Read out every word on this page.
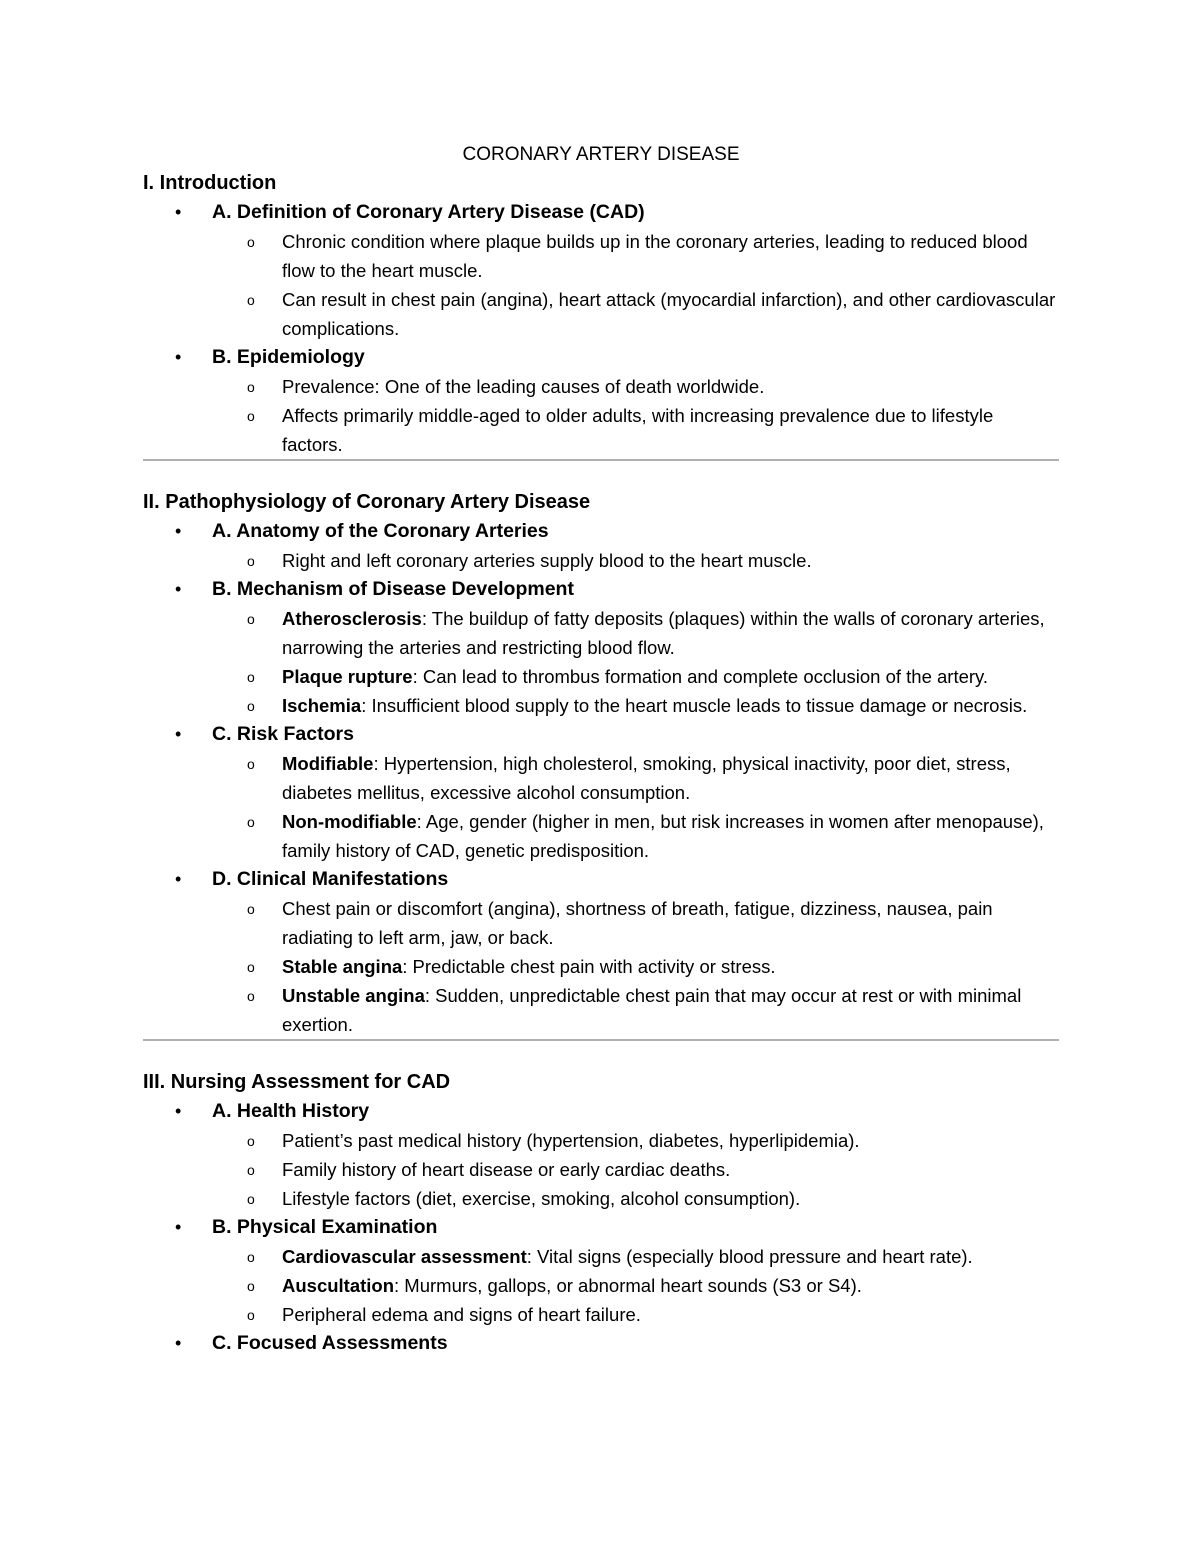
CORONARY ARTERY DISEASE
I. Introduction
• A. Definition of Coronary Artery Disease (CAD)
o Chronic condition where plaque builds up in the coronary arteries, leading to reduced blood flow to the heart muscle.
o Can result in chest pain (angina), heart attack (myocardial infarction), and other cardiovascular complications.
• B. Epidemiology
o Prevalence: One of the leading causes of death worldwide.
o Affects primarily middle-aged to older adults, with increasing prevalence due to lifestyle factors.
II. Pathophysiology of Coronary Artery Disease
• A. Anatomy of the Coronary Arteries
o Right and left coronary arteries supply blood to the heart muscle.
• B. Mechanism of Disease Development
o Atherosclerosis: The buildup of fatty deposits (plaques) within the walls of coronary arteries, narrowing the arteries and restricting blood flow.
o Plaque rupture: Can lead to thrombus formation and complete occlusion of the artery.
o Ischemia: Insufficient blood supply to the heart muscle leads to tissue damage or necrosis.
• C. Risk Factors
o Modifiable: Hypertension, high cholesterol, smoking, physical inactivity, poor diet, stress, diabetes mellitus, excessive alcohol consumption.
o Non-modifiable: Age, gender (higher in men, but risk increases in women after menopause), family history of CAD, genetic predisposition.
• D. Clinical Manifestations
o Chest pain or discomfort (angina), shortness of breath, fatigue, dizziness, nausea, pain radiating to left arm, jaw, or back.
o Stable angina: Predictable chest pain with activity or stress.
o Unstable angina: Sudden, unpredictable chest pain that may occur at rest or with minimal exertion.
III. Nursing Assessment for CAD
• A. Health History
o Patient’s past medical history (hypertension, diabetes, hyperlipidemia).
o Family history of heart disease or early cardiac deaths.
o Lifestyle factors (diet, exercise, smoking, alcohol consumption).
• B. Physical Examination
o Cardiovascular assessment: Vital signs (especially blood pressure and heart rate).
o Auscultation: Murmurs, gallops, or abnormal heart sounds (S3 or S4).
o Peripheral edema and signs of heart failure.
• C. Focused Assessments
